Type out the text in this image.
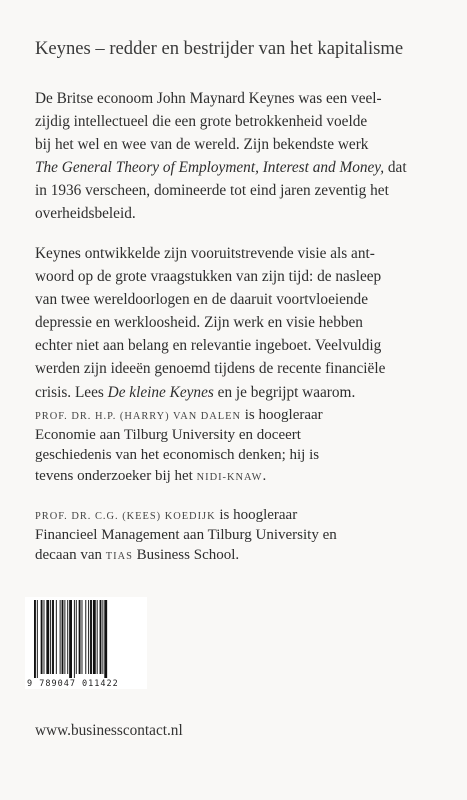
Keynes – redder en bestrijder van het kapitalisme
De Britse econoom John Maynard Keynes was een veel-
zijdig intellectueel die een grote betrokkenheid voelde
bij het wel en wee van de wereld. Zijn bekendste werk
The General Theory of Employment, Interest and Money, dat
in 1936 verscheen, domineerde tot eind jaren zeventig het
overheidsbeleid.
Keynes ontwikkelde zijn vooruitstrevende visie als ant-
woord op de grote vraagstukken van zijn tijd: de nasleep
van twee wereldoorlogen en de daaruit voortvloeiende
depressie en werkloosheid. Zijn werk en visie hebben
echter niet aan belang en relevantie ingeboet. Veelvuldig
werden zijn ideeën genoemd tijdens de recente financiële
crisis. Lees De kleine Keynes en je begrijpt waarom.
PROF. DR. H.P. (HARRY) VAN DALEN is hoogleraar
Economie aan Tilburg University en doceert
geschiedenis van het economisch denken; hij is
tevens onderzoeker bij het NIDI-KNAW.
PROF. DR. C.G. (KEES) KOEDIJK is hoogleraar
Financieel Management aan Tilburg University en
decaan van TIAS Business School.
9 789047 011422
www.businesscontact.nl
